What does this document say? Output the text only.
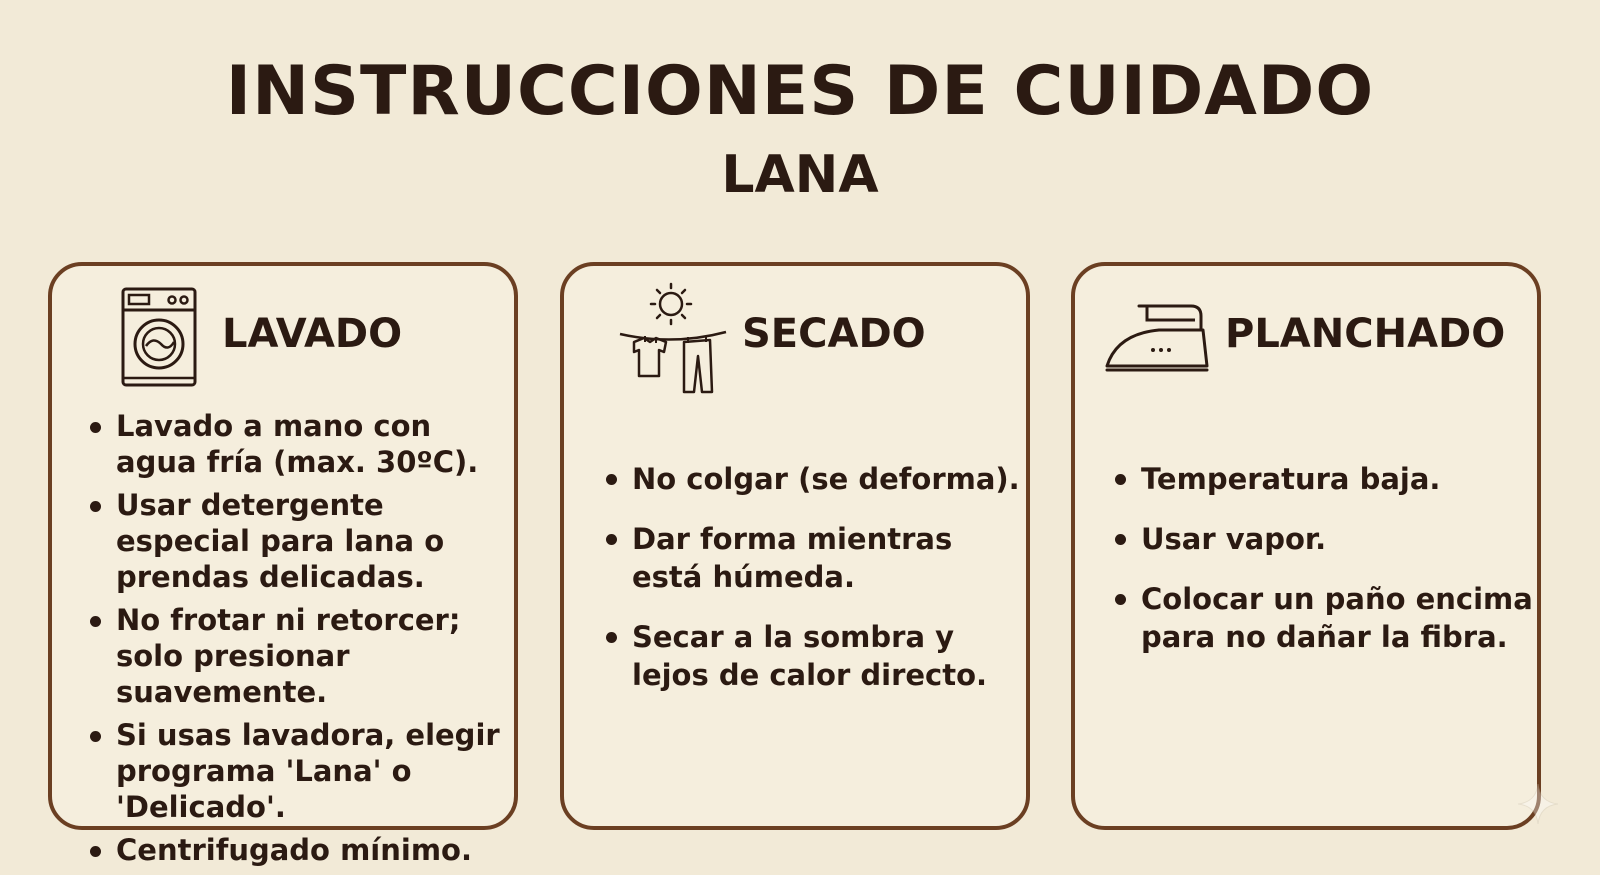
INSTRUCCIONES DE CUIDADO
LANA
LAVADO
Lavado a mano con agua fría (max. 30ºC).
Usar detergente especial para lana o prendas delicadas.
No frotar ni retorcer; solo presionar suavemente.
Si usas lavadora, elegir programa 'Lana' o 'Delicado'.
Centrifugado mínimo.
SECADO
No colgar (se deforma).
Dar forma mientras está húmeda.
Secar a la sombra y lejos de calor directo.
PLANCHADO
Temperatura baja.
Usar vapor.
Colocar un paño encima para no dañar la fibra.
